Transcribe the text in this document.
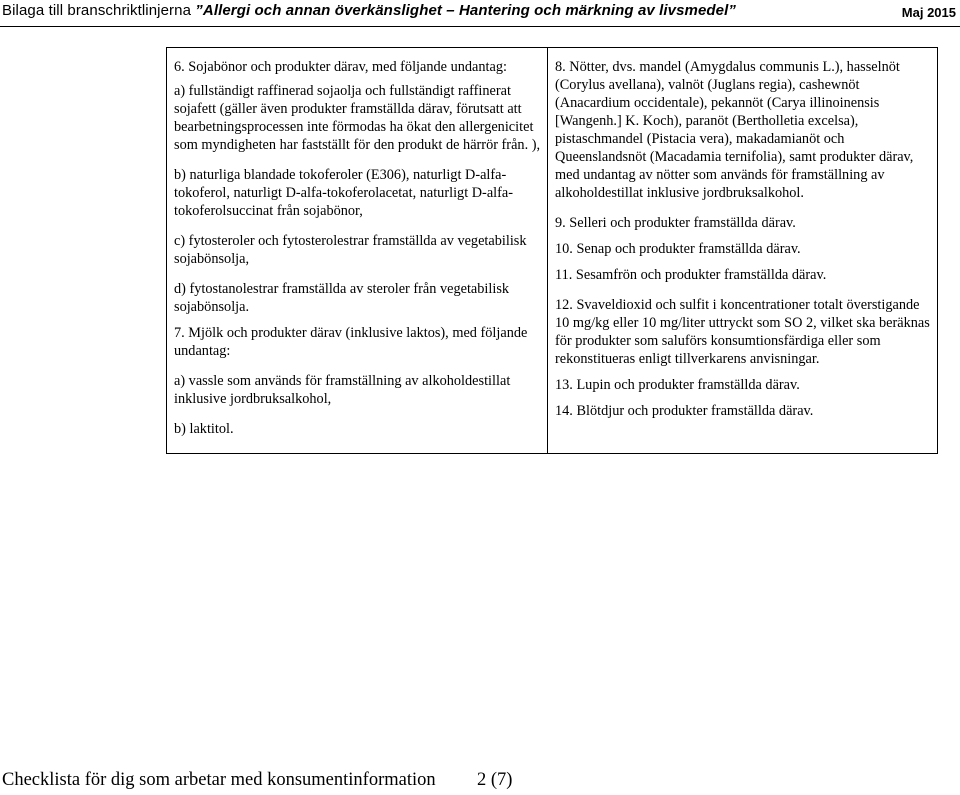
Bilaga till branschriktlinjerna ”Allergi och annan överkänslighet – Hantering och märkning av livsmedel”	Maj 2015

6. Sojabönor och produkter därav, med följande undantag:

a) fullständigt raffinerad sojaolja och fullständigt raffinerat sojafett (gäller även produkter framställda därav, förutsatt att bearbetningsprocessen inte förmodas ha ökat den allergenicitet som myndigheten har fastställt för den produkt de härrör från. ),

b) naturliga blandade tokoferoler (E306), naturligt D-alfa-tokoferol, naturligt D-alfa-tokoferolacetat, naturligt D-alfa-tokoferolsuccinat från sojabönor,

c) fytosteroler och fytosterolestrar framställda av vegetabilisk sojabönsolja,

d) fytostanolestrar framställda av steroler från vegetabilisk sojabönsolja.

7. Mjölk och produkter därav (inklusive laktos), med följande undantag:

a) vassle som används för framställning av alkoholdestillat inklusive jordbruksalkohol,

b) laktitol.

8. Nötter, dvs. mandel (Amygdalus communis L.), hasselnöt (Corylus avellana), valnöt (Juglans regia), cashewnöt (Anacardium occidentale), pekannöt (Carya illinoinensis [Wangenh.] K. Koch), paranöt (Bertholletia excelsa), pistaschmandel (Pistacia vera), makadamianöt och Queenslandsnöt (Macadamia ternifolia), samt produkter därav, med undantag av nötter som används för framställning av alkoholdestillat inklusive jordbruksalkohol.

9. Selleri och produkter framställda därav.

10. Senap och produkter framställda därav.

11. Sesamfrön och produkter framställda därav.

12. Svaveldioxid och sulfit i koncentrationer totalt överstigande 10 mg/kg eller 10 mg/liter uttryckt som SO 2, vilket ska beräknas för produkter som saluförs konsumtionsfärdiga eller som rekonstitueras enligt tillverkarens anvisningar.

13. Lupin och produkter framställda därav.

14. Blötdjur och produkter framställda därav.

Checklista för dig som arbetar med konsumentinformation 2 (7)
